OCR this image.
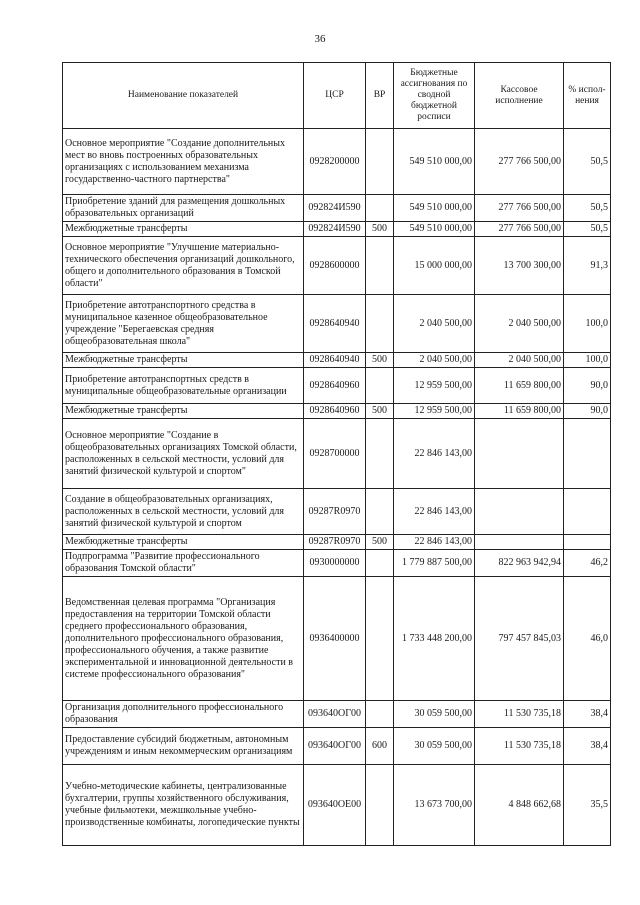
36
Наименование показателей	ЦСР	ВР	Бюджетные ассигнования по сводной бюджетной росписи	Кассовое исполнение	% испол-нения
Основное мероприятие "Создание дополнительных мест во вновь построенных образовательных организациях с использованием механизма государственно-частного партнерства"	0928200000		549 510 000,00	277 766 500,00	50,5
Приобретение зданий для размещения дошкольных образовательных организаций	092824И590		549 510 000,00	277 766 500,00	50,5
Межбюджетные трансферты	092824И590	500	549 510 000,00	277 766 500,00	50,5
Основное мероприятие "Улучшение материально-технического обеспечения организаций дошкольного, общего и дополнительного образования в Томской области"	0928600000		15 000 000,00	13 700 300,00	91,3
Приобретение автотранспортного средства в муниципальное казенное общеобразовательное учреждение "Берегаевская средняя общеобразовательная школа"	0928640940		2 040 500,00	2 040 500,00	100,0
Межбюджетные трансферты	0928640940	500	2 040 500,00	2 040 500,00	100,0
Приобретение автотранспортных средств в муниципальные общеобразовательные организации	0928640960		12 959 500,00	11 659 800,00	90,0
Межбюджетные трансферты	0928640960	500	12 959 500,00	11 659 800,00	90,0
Основное мероприятие "Создание в общеобразовательных организациях Томской области, расположенных в сельской местности, условий для занятий физической культурой и спортом"	0928700000		22 846 143,00		
Создание в общеобразовательных организациях, расположенных в сельской местности, условий для занятий физической культурой и спортом	09287R0970		22 846 143,00		
Межбюджетные трансферты	09287R0970	500	22 846 143,00		
Подпрограмма "Развитие профессионального образования Томской области"	0930000000		1 779 887 500,00	822 963 942,94	46,2
Ведомственная целевая программа "Организация предоставления на территории Томской области среднего профессионального образования, дополнительного профессионального образования, профессионального обучения, а также развитие экспериментальной и инновационной деятельности в системе профессионального образования"	0936400000		1 733 448 200,00	797 457 845,03	46,0
Организация дополнительного профессионального образования	093640ОГ00		30 059 500,00	11 530 735,18	38,4
Предоставление субсидий бюджетным, автономным учреждениям и иным некоммерческим организациям	093640ОГ00	600	30 059 500,00	11 530 735,18	38,4
Учебно-методические кабинеты, централизованные бухгалтерии, группы хозяйственного обслуживания, учебные фильмотеки, межшкольные учебно-производственные комбинаты, логопедические пункты	093640ОЕ00		13 673 700,00	4 848 662,68	35,5
